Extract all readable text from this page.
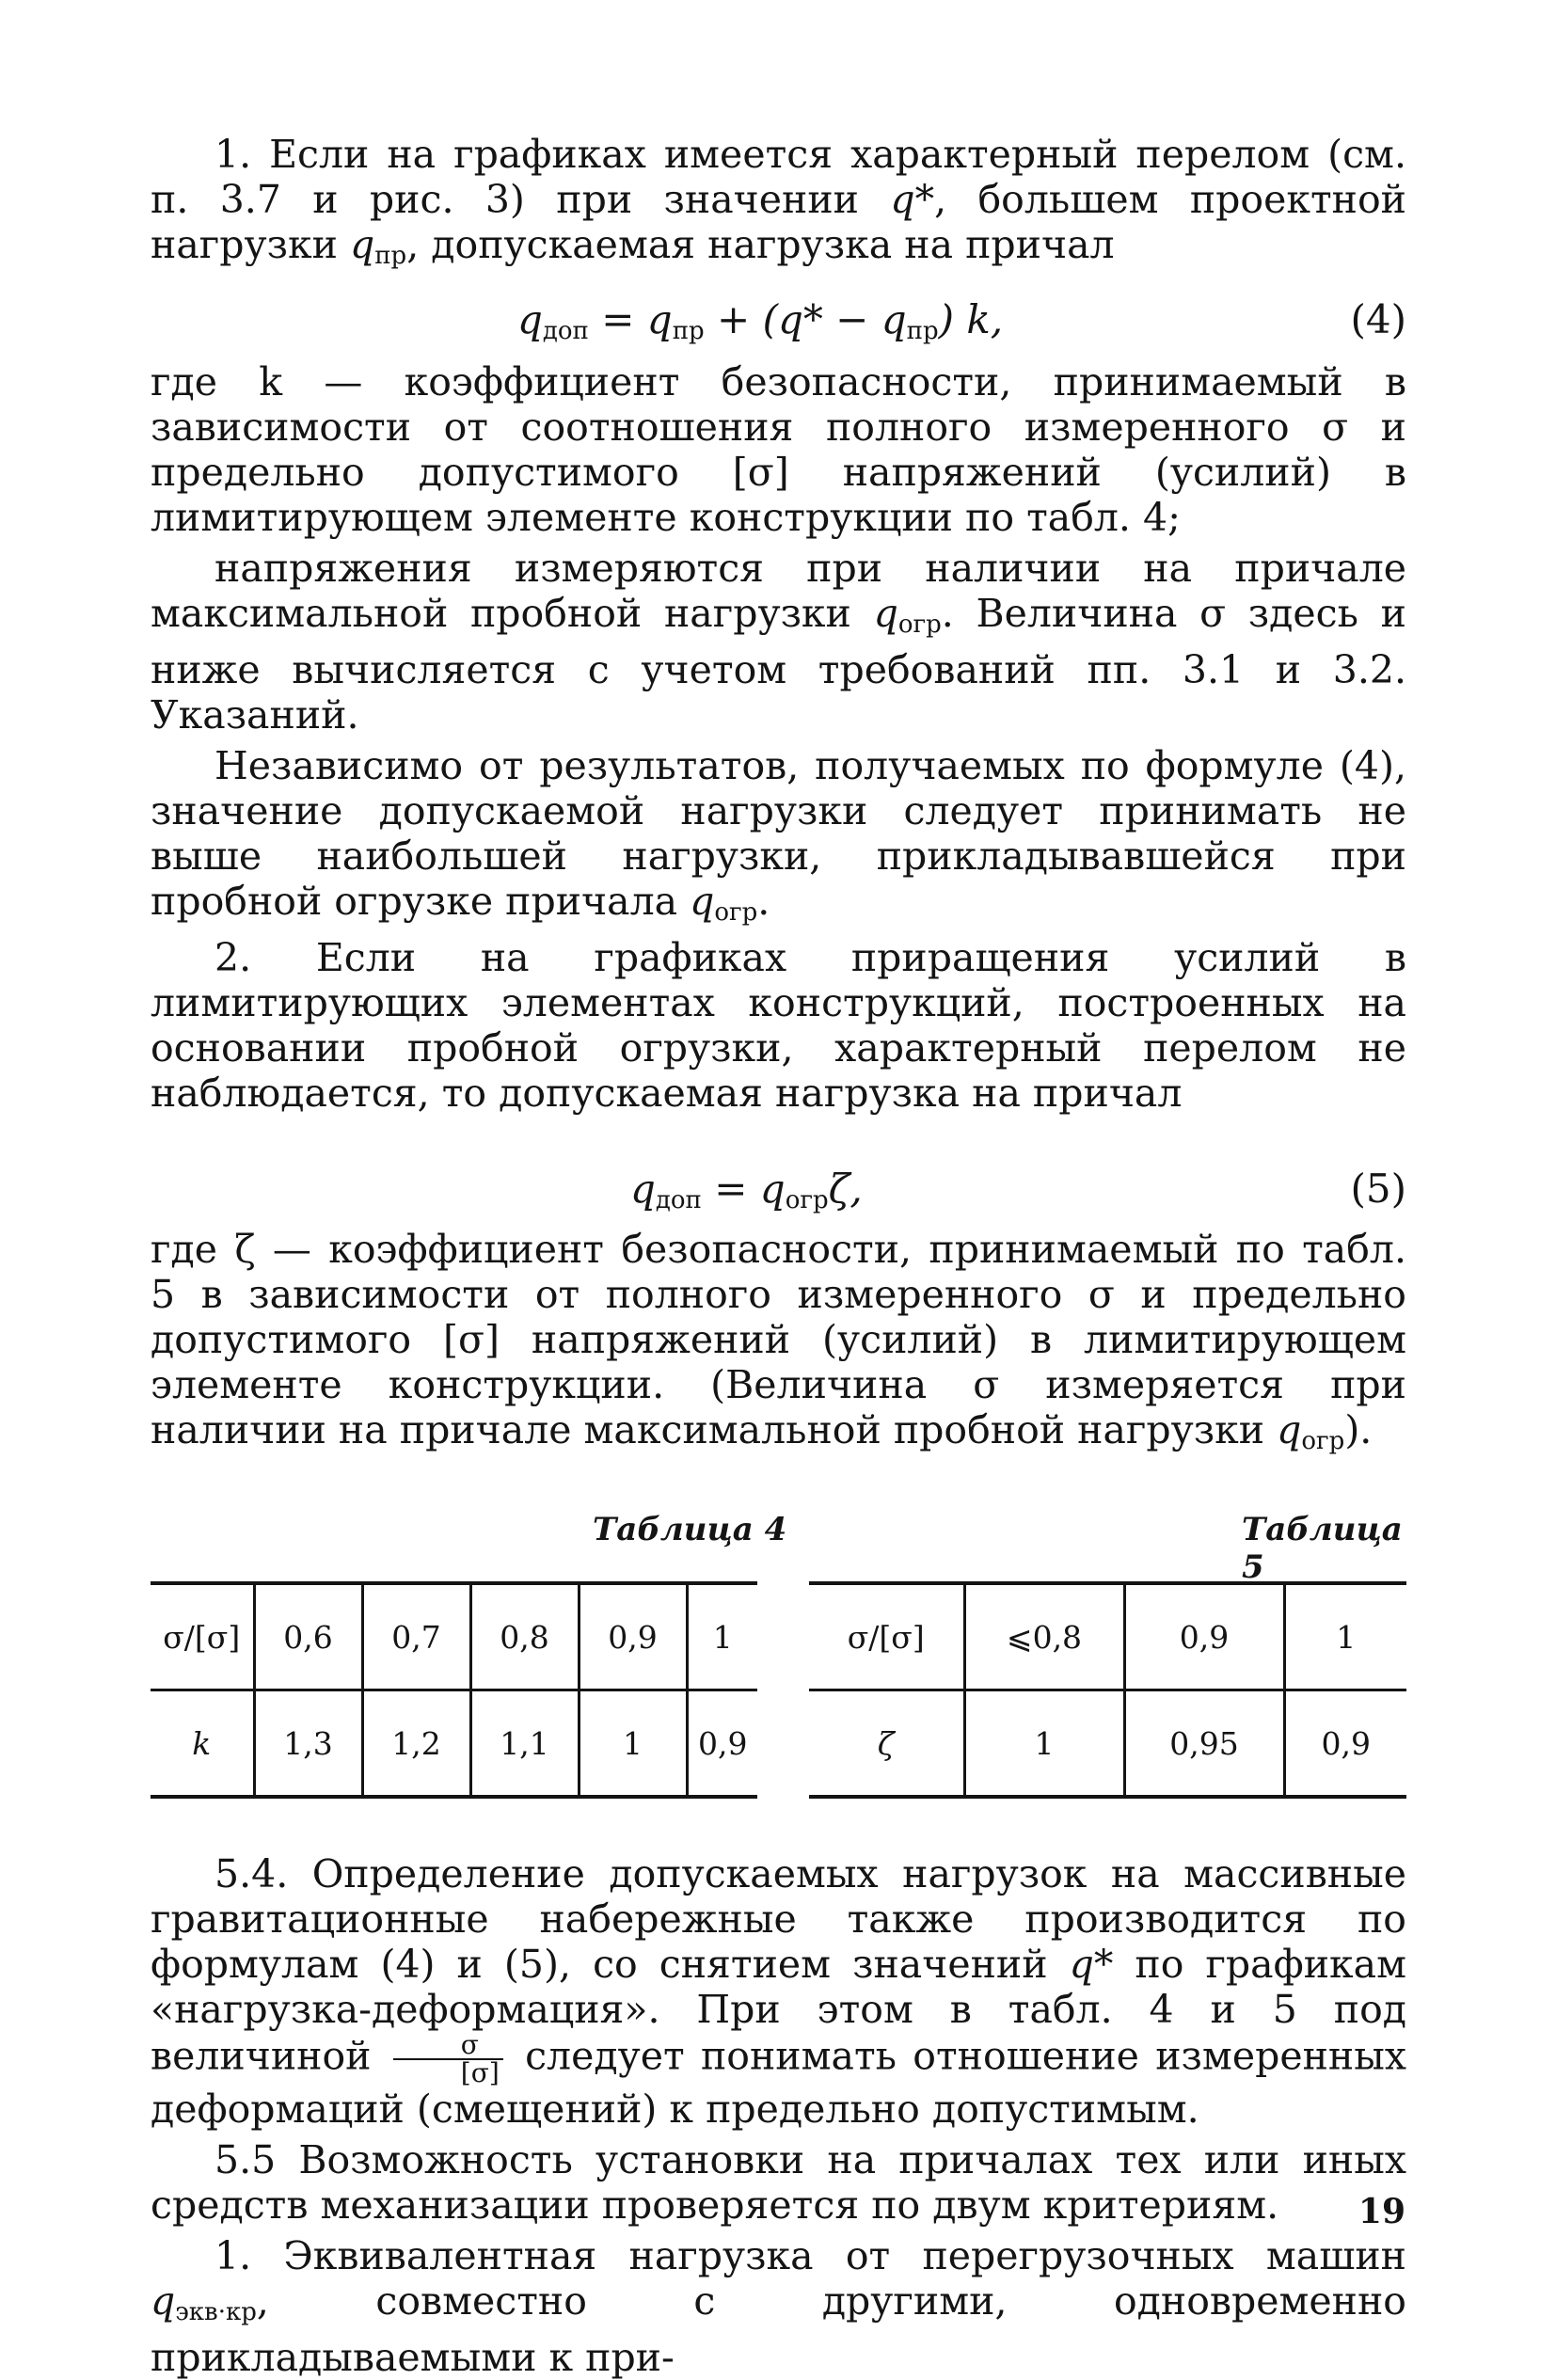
1. Если на графиках имеется характерный перелом (см. п. 3.7 и рис. 3) при значении q*, большем проектной нагрузки $q_{пр}$, допускаемая нагрузка на причал

$q_{доп} = q_{пр} + (q* - q_{пр})$ k,	(4)

где k — коэффициент безопасности, принимаемый в зависимости от соотношения полного измеренного σ и предельно допустимого [σ] напряжений (усилий) в лимитирующем элементе конструкции по табл. 4;

напряжения измеряются при наличии на причале максимальной пробной нагрузки $q_{огр}$. Величина σ здесь и ниже вычисляется с учетом требований пп. 3.1 и 3.2. Указаний.

Независимо от результатов, получаемых по формуле (4), значение допускаемой нагрузки следует принимать не выше наибольшей нагрузки, прикладывавшейся при пробной огрузке причала $q_{огр}$.

2. Если на графиках приращения усилий в лимитирующих элементах конструкций, построенных на основании пробной огрузки, характерный перелом не наблюдается, то допускаемая нагрузка на причал

$q_{доп} = q_{огр}\zeta$,	(5)

где ζ — коэффициент безопасности, принимаемый по табл. 5 в зависимости от полного измеренного σ и предельно допустимого [σ] напряжений (усилий) в лимитирующем элементе конструкции. (Величина σ измеряется при наличии на причале максимальной пробной нагрузки $q_{огр}$).

Таблица 4
σ/[σ]	0,6	0,7	0,8	0,9	1
k	1,3	1,2	1,1	1	0,9
Таблица 5
σ/[σ]	⩽0,8	0,9	1
ζ	1	0,95	0,9

5.4. Определение допускаемых нагрузок на массивные гравитационные набережные также производится по формулам (4) и (5), со снятием значений q* по графикам «нагрузка-деформация». При этом в табл. 4 и 5 под величиной $\frac{\sigma}{[\sigma]}$ следует понимать отношение измеренных деформаций (смещений) к предельно допустимым.

5.5 Возможность установки на причалах тех или иных средств механизации проверяется по двум критериям.

1. Эквивалентная нагрузка от перегрузочных машин $q_{экв\cdot кр}$, совместно с другими, одновременно прикладываемыми к при-

19
